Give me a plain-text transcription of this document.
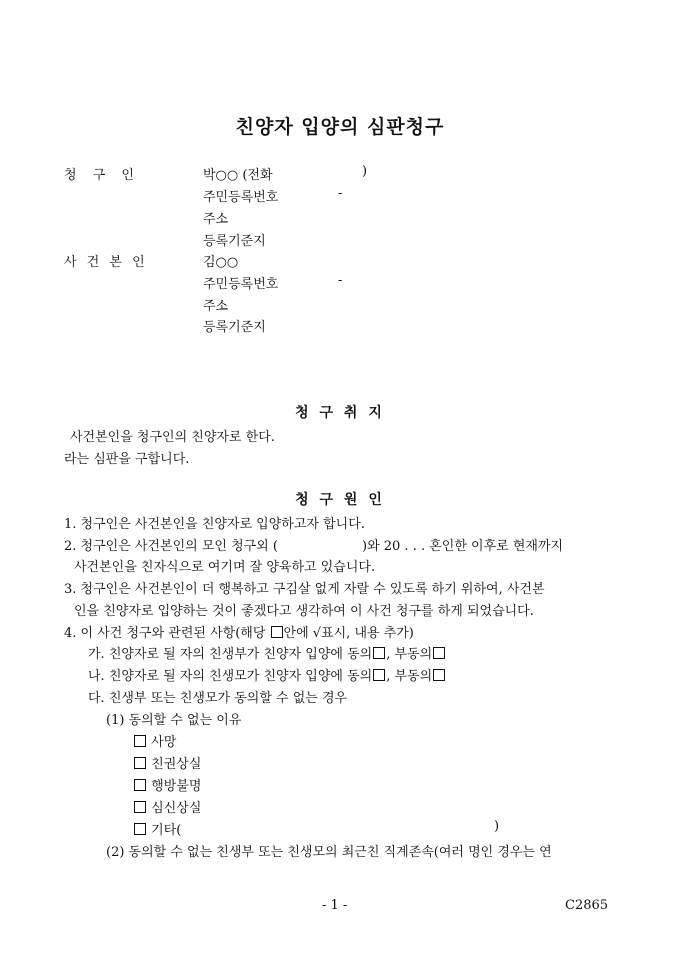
친양자 입양의 심판청구
청 구 인	박○○ (전화	)
주민등록번호	-
주소
등록기준지
사 건 본 인	김○○
주민등록번호	-
주소
등록기준지
청 구 취 지
사건본인을 청구인의 친양자로 한다.
라는 심판을 구합니다.
청 구 원 인
1. 청구인은 사건본인을 친양자로 입양하고자 합니다.
2. 청구인은 사건본인의 모인 청구외 (	)와 20 . . . 혼인한 이후로 현재까지
사건본인을 친자식으로 여기며 잘 양육하고 있습니다.
3. 청구인은 사건본인이 더 행복하고 구김살 없게 자랄 수 있도록 하기 위하여, 사건본
인을 친양자로 입양하는 것이 좋겠다고 생각하여 이 사건 청구를 하게 되었습니다.
4. 이 사건 청구와 관련된 사항(해당 안에 √표시, 내용 추가)
가. 친양자로 될 자의 친생부가 친양자 입양에 동의 , 부동의
나. 친양자로 될 자의 친생모가 친양자 입양에 동의 , 부동의
다. 친생부 또는 친생모가 동의할 수 없는 경우
(1) 동의할 수 없는 이유
사망
친권상실
행방불명
심신상실
기타(	)
(2) 동의할 수 없는 친생부 또는 친생모의 최근친 직계존속(여러 명인 경우는 연
- 1 -	C2865
